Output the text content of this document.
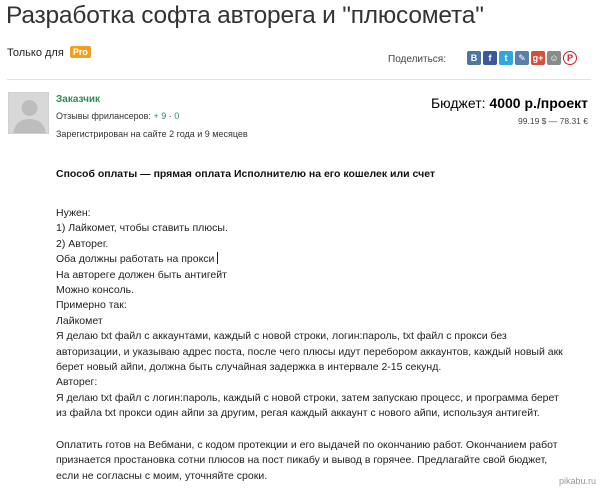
Разработка софта авторега и "плюсомета"
Только для Pro
Поделиться:	В	f	t	✎ g+ ☺ P
Заказчик
Отзывы фрилансеров: + 9 · 0
Зарегистрирован на сайте 2 года и 9 месяцев
Бюджет: 4000 р./проект
99.19 $ — 78.31 €
Способ оплаты — прямая оплата Исполнителю на его кошелек или счет
Нужен:
1) Лайкомет, чтобы ставить плюсы.
2) Авторег.
Оба должны работать на прокси
На авторегe должен быть антигейт
Можно консоль.
Примерно так:
Лайкомет
Я делаю txt файл с аккаунтами, каждый с новой строки, логин:пароль, txt файл с прокси без
авторизации, и указываю адрес поста, после чего плюсы идут перебором аккаунтов, каждый новый акк
берет новый айпи, должна быть случайная задержка в интервале 2-15 секунд.
Авторег:
Я делаю txt файл с логин:пароль, каждый с новой строки, затем запускаю процесс, и программа берет
из файла txt прокси один айпи за другим, регая каждый аккаунт с нового айпи, используя антигейт.
Оплатить готов на Вебмани, с кодом протекции и его выдачей по окончанию работ. Окончанием работ
признается простановка сотни плюсов на пост пикабу и вывод в горячее. Предлагайте свой бюджет,
если не согласны с моим, уточняйте сроки.	pikabu.ru
